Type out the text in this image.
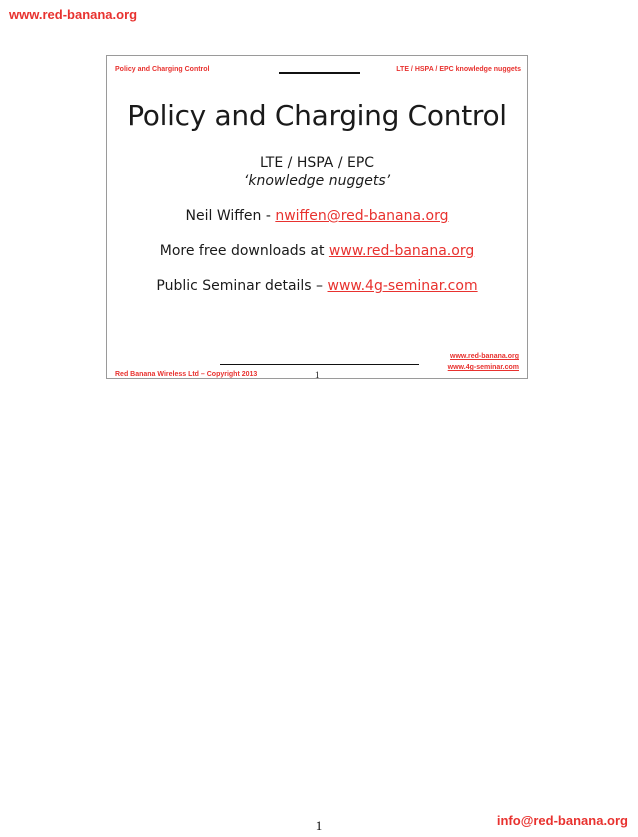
www.red-banana.org
Policy and Charging Control	LTE / HSPA / EPC knowledge nuggets
Policy and Charging Control
LTE / HSPA / EPC
‘knowledge nuggets’
Neil Wiffen - nwiffen@red-banana.org
More free downloads at www.red-banana.org
Public Seminar details – www.4g-seminar.com
www.red-banana.org
www.4g-seminar.com
Red Banana Wireless Ltd – Copyright 2013	1
1	info@red-banana.org
